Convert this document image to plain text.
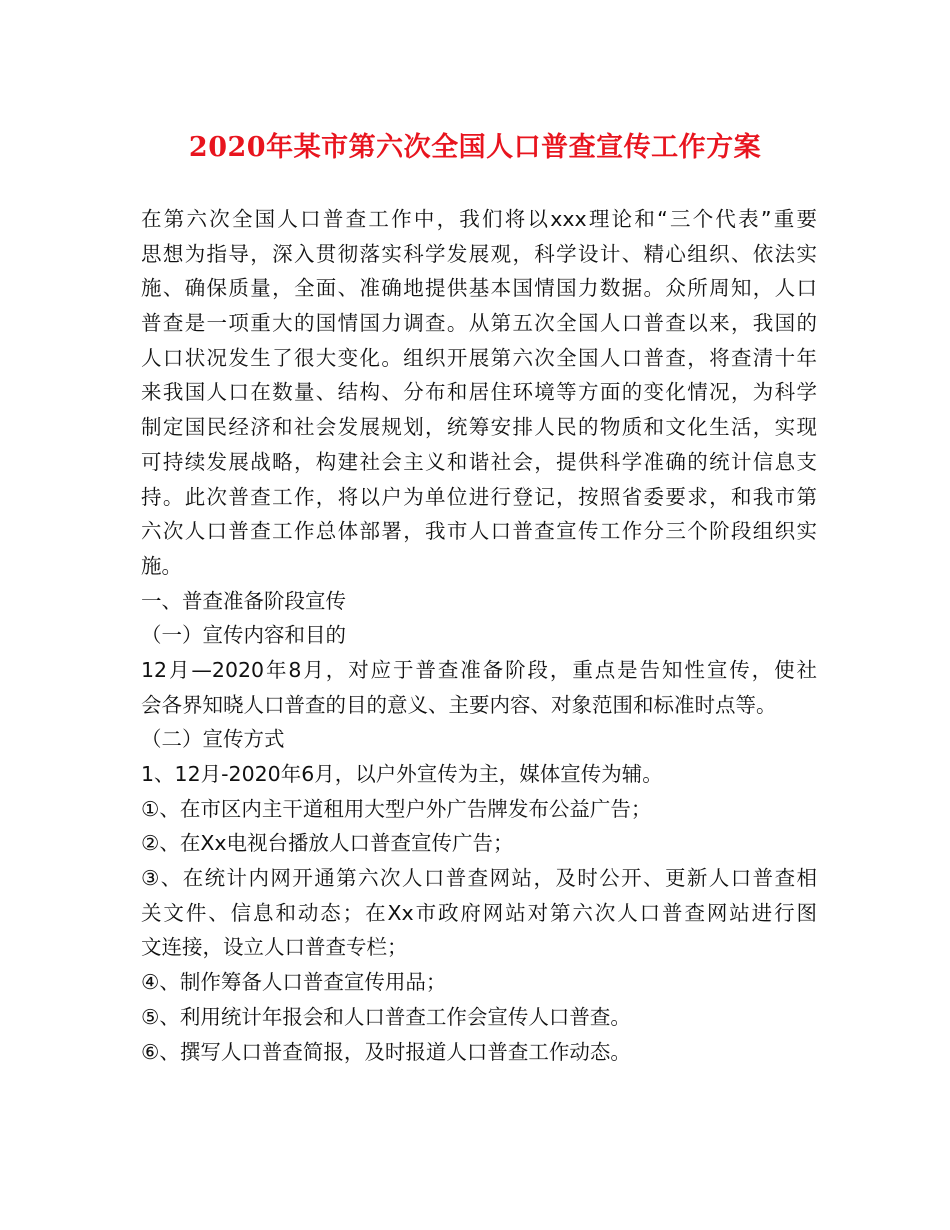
2020年某市第六次全国人口普查宣传工作方案
在第六次全国人口普查工作中，我们将以xxx理论和“三个代表”重要
思想为指导，深入贯彻落实科学发展观，科学设计、精心组织、依法实
施、确保质量，全面、准确地提供基本国情国力数据。众所周知，人口
普查是一项重大的国情国力调查。从第五次全国人口普查以来，我国的
人口状况发生了很大变化。组织开展第六次全国人口普查，将查清十年
来我国人口在数量、结构、分布和居住环境等方面的变化情况，为科学
制定国民经济和社会发展规划，统筹安排人民的物质和文化生活，实现
可持续发展战略，构建社会主义和谐社会，提供科学准确的统计信息支
持。此次普查工作，将以户为单位进行登记，按照省委要求，和我市第
六次人口普查工作总体部署，我市人口普查宣传工作分三个阶段组织实
施。
一、普查准备阶段宣传
（一）宣传内容和目的
12月—2020年8月，对应于普查准备阶段，重点是告知性宣传，使社
会各界知晓人口普查的目的意义、主要内容、对象范围和标准时点等。
（二）宣传方式
1、12月-2020年6月，以户外宣传为主，媒体宣传为辅。
①、在市区内主干道租用大型户外广告牌发布公益广告；
②、在Xx电视台播放人口普查宣传广告；
③、在统计内网开通第六次人口普查网站，及时公开、更新人口普查相
关文件、信息和动态；在Xx市政府网站对第六次人口普查网站进行图
文连接，设立人口普查专栏；
④、制作筹备人口普查宣传用品；
⑤、利用统计年报会和人口普查工作会宣传人口普查。
⑥、撰写人口普查简报，及时报道人口普查工作动态。
